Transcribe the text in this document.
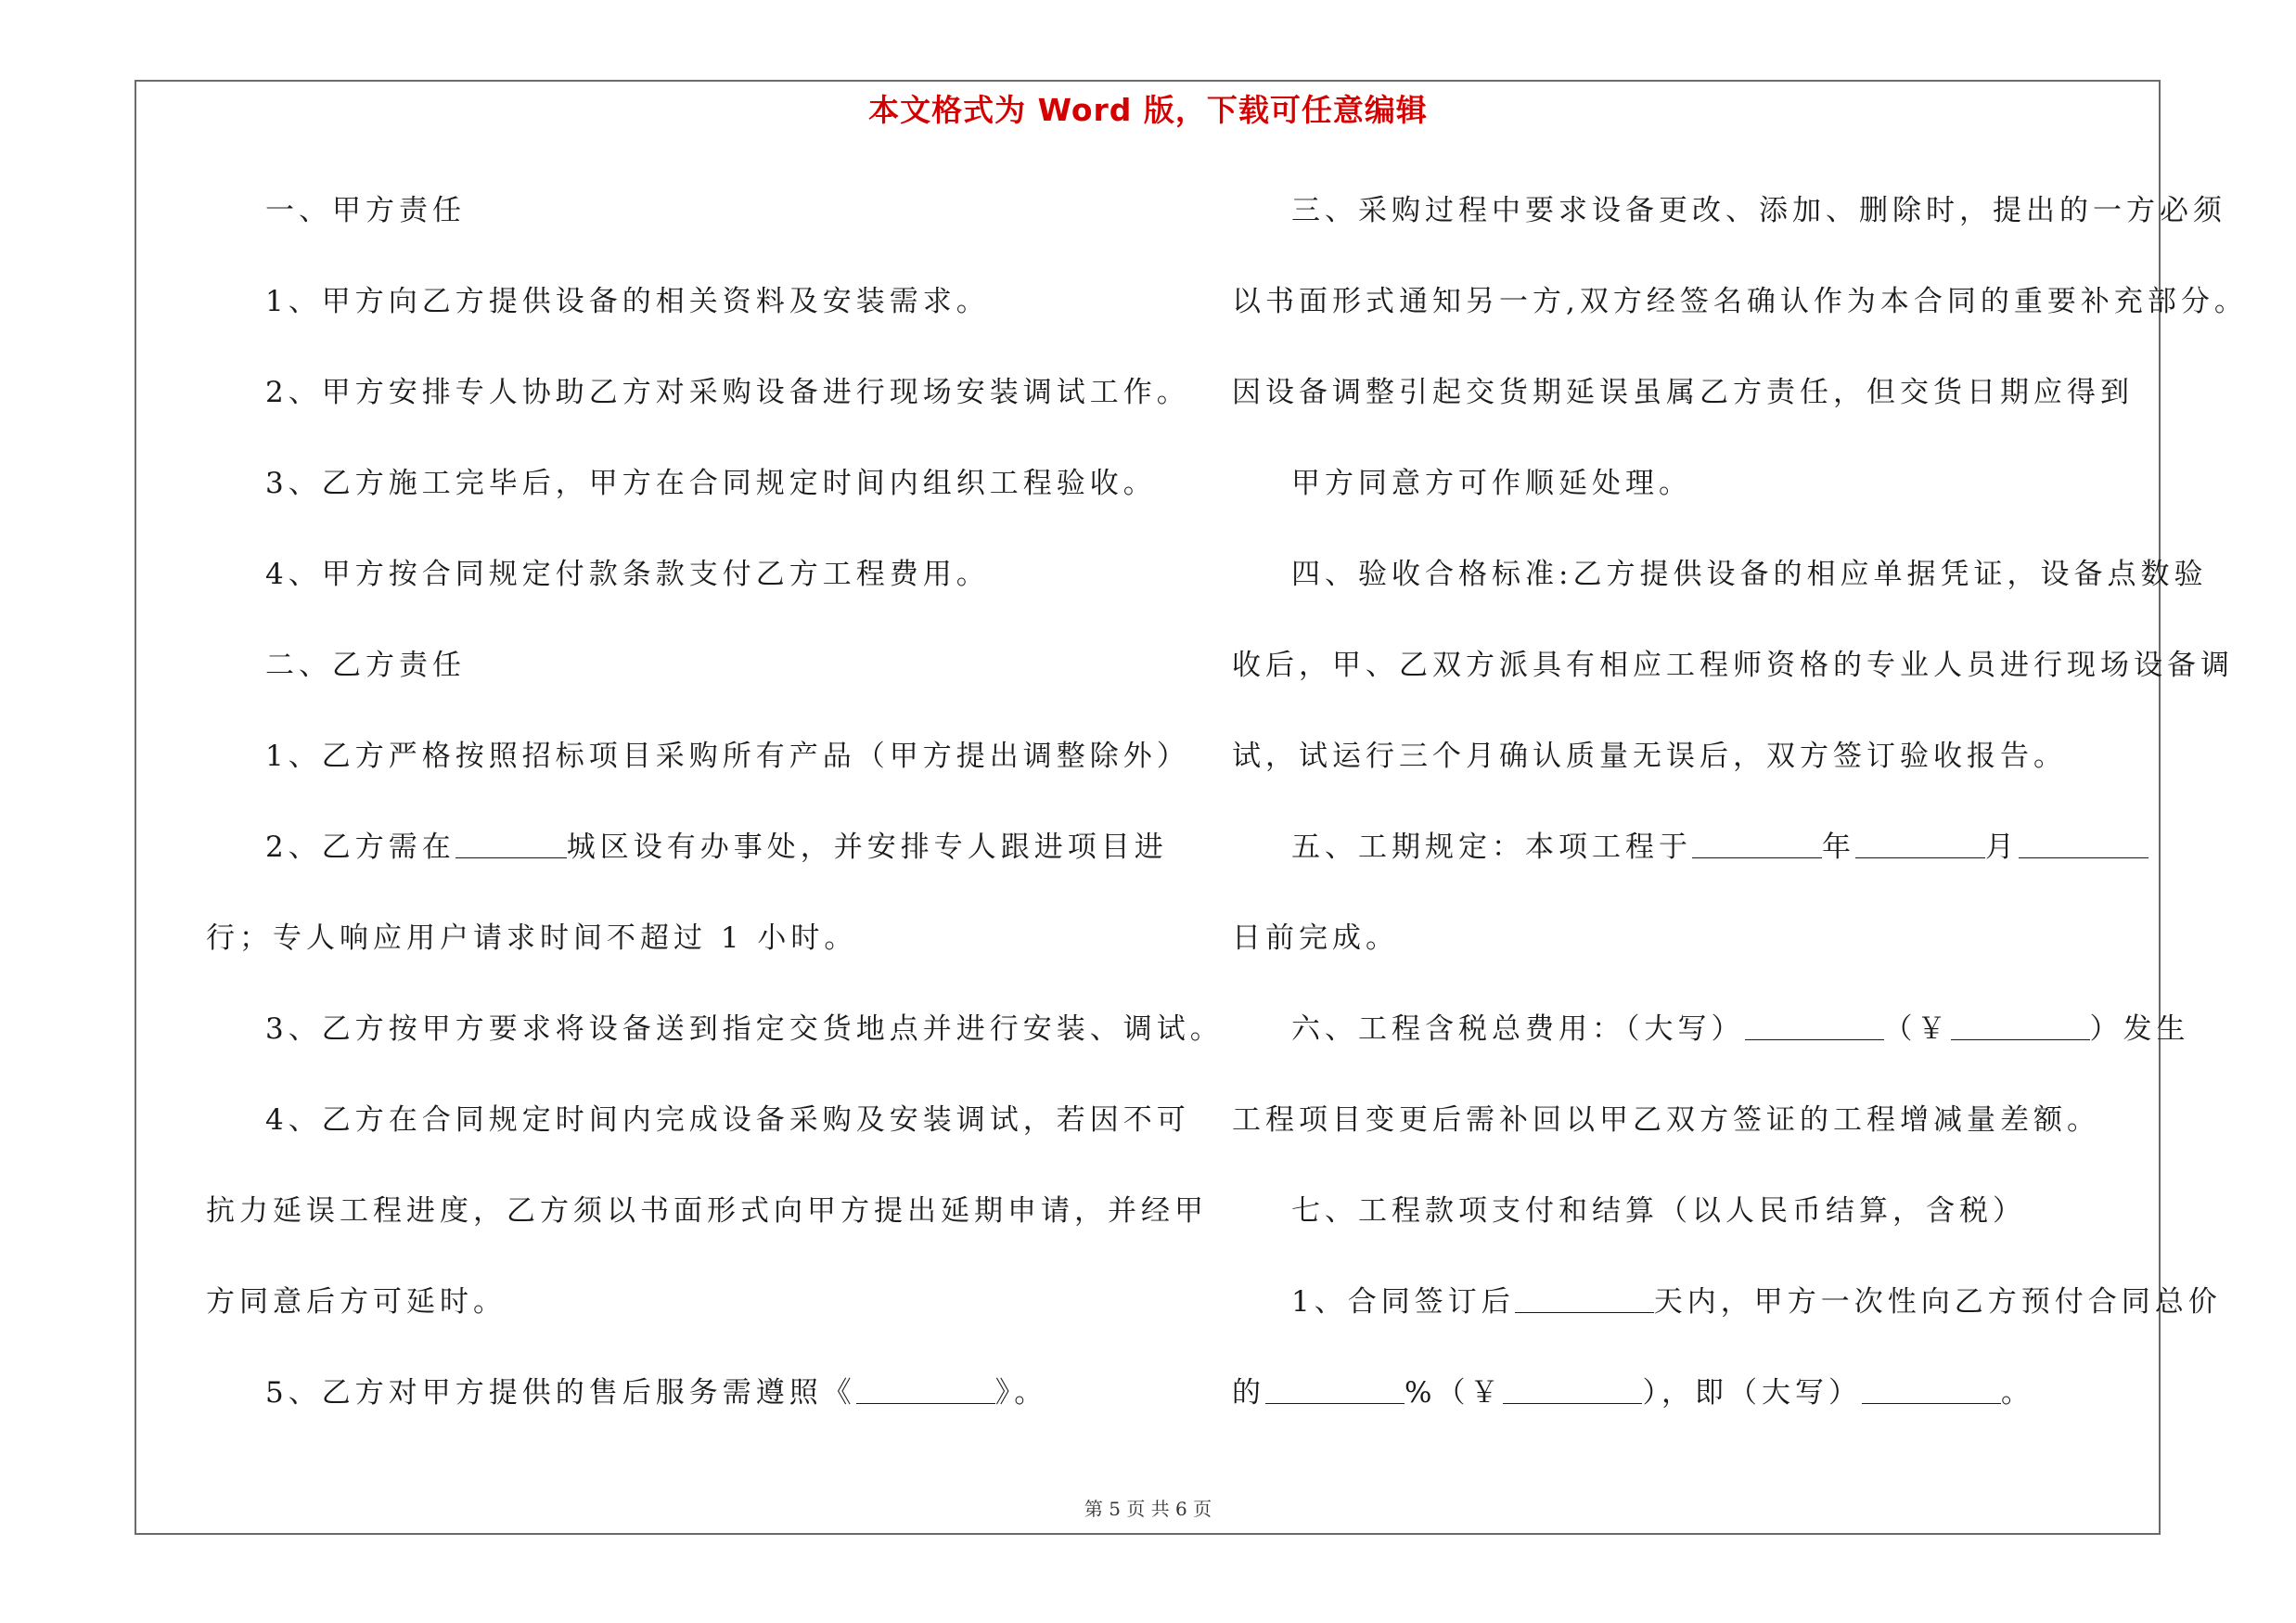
本文格式为 Word 版，下载可任意编辑
一、甲方责任
1、甲方向乙方提供设备的相关资料及安装需求。
2、甲方安排专人协助乙方对采购设备进行现场安装调试工作。
3、乙方施工完毕后，甲方在合同规定时间内组织工程验收。
4、甲方按合同规定付款条款支付乙方工程费用。
二、乙方责任
1、乙方严格按照招标项目采购所有产品（甲方提出调整除外）
2、乙方需在	城区设有办事处，并安排专人跟进项目进
行；专人响应用户请求时间不超过 1 小时。
3、乙方按甲方要求将设备送到指定交货地点并进行安装、调试。
4、乙方在合同规定时间内完成设备采购及安装调试，若因不可
抗力延误工程进度，乙方须以书面形式向甲方提出延期申请，并经甲
方同意后方可延时。
5、乙方对甲方提供的售后服务需遵照《	》。
三、采购过程中要求设备更改、添加、删除时，提出的一方必须
以书面形式通知另一方,双方经签名确认作为本合同的重要补充部分。
因设备调整引起交货期延误虽属乙方责任，但交货日期应得到
甲方同意方可作顺延处理。
四、验收合格标准:乙方提供设备的相应单据凭证，设备点数验
收后，甲、乙双方派具有相应工程师资格的专业人员进行现场设备调
试，试运行三个月确认质量无误后，双方签订验收报告。
五、工期规定：本项工程于	年	月
日前完成。
六、工程含税总费用：（大写）	（￥	）发生
工程项目变更后需补回以甲乙双方签证的工程增减量差额。
七、工程款项支付和结算（以人民币结算，含税）
1、合同签订后	天内，甲方一次性向乙方预付合同总价
的	%（￥	），即（大写）	。
第 5 页 共 6 页
